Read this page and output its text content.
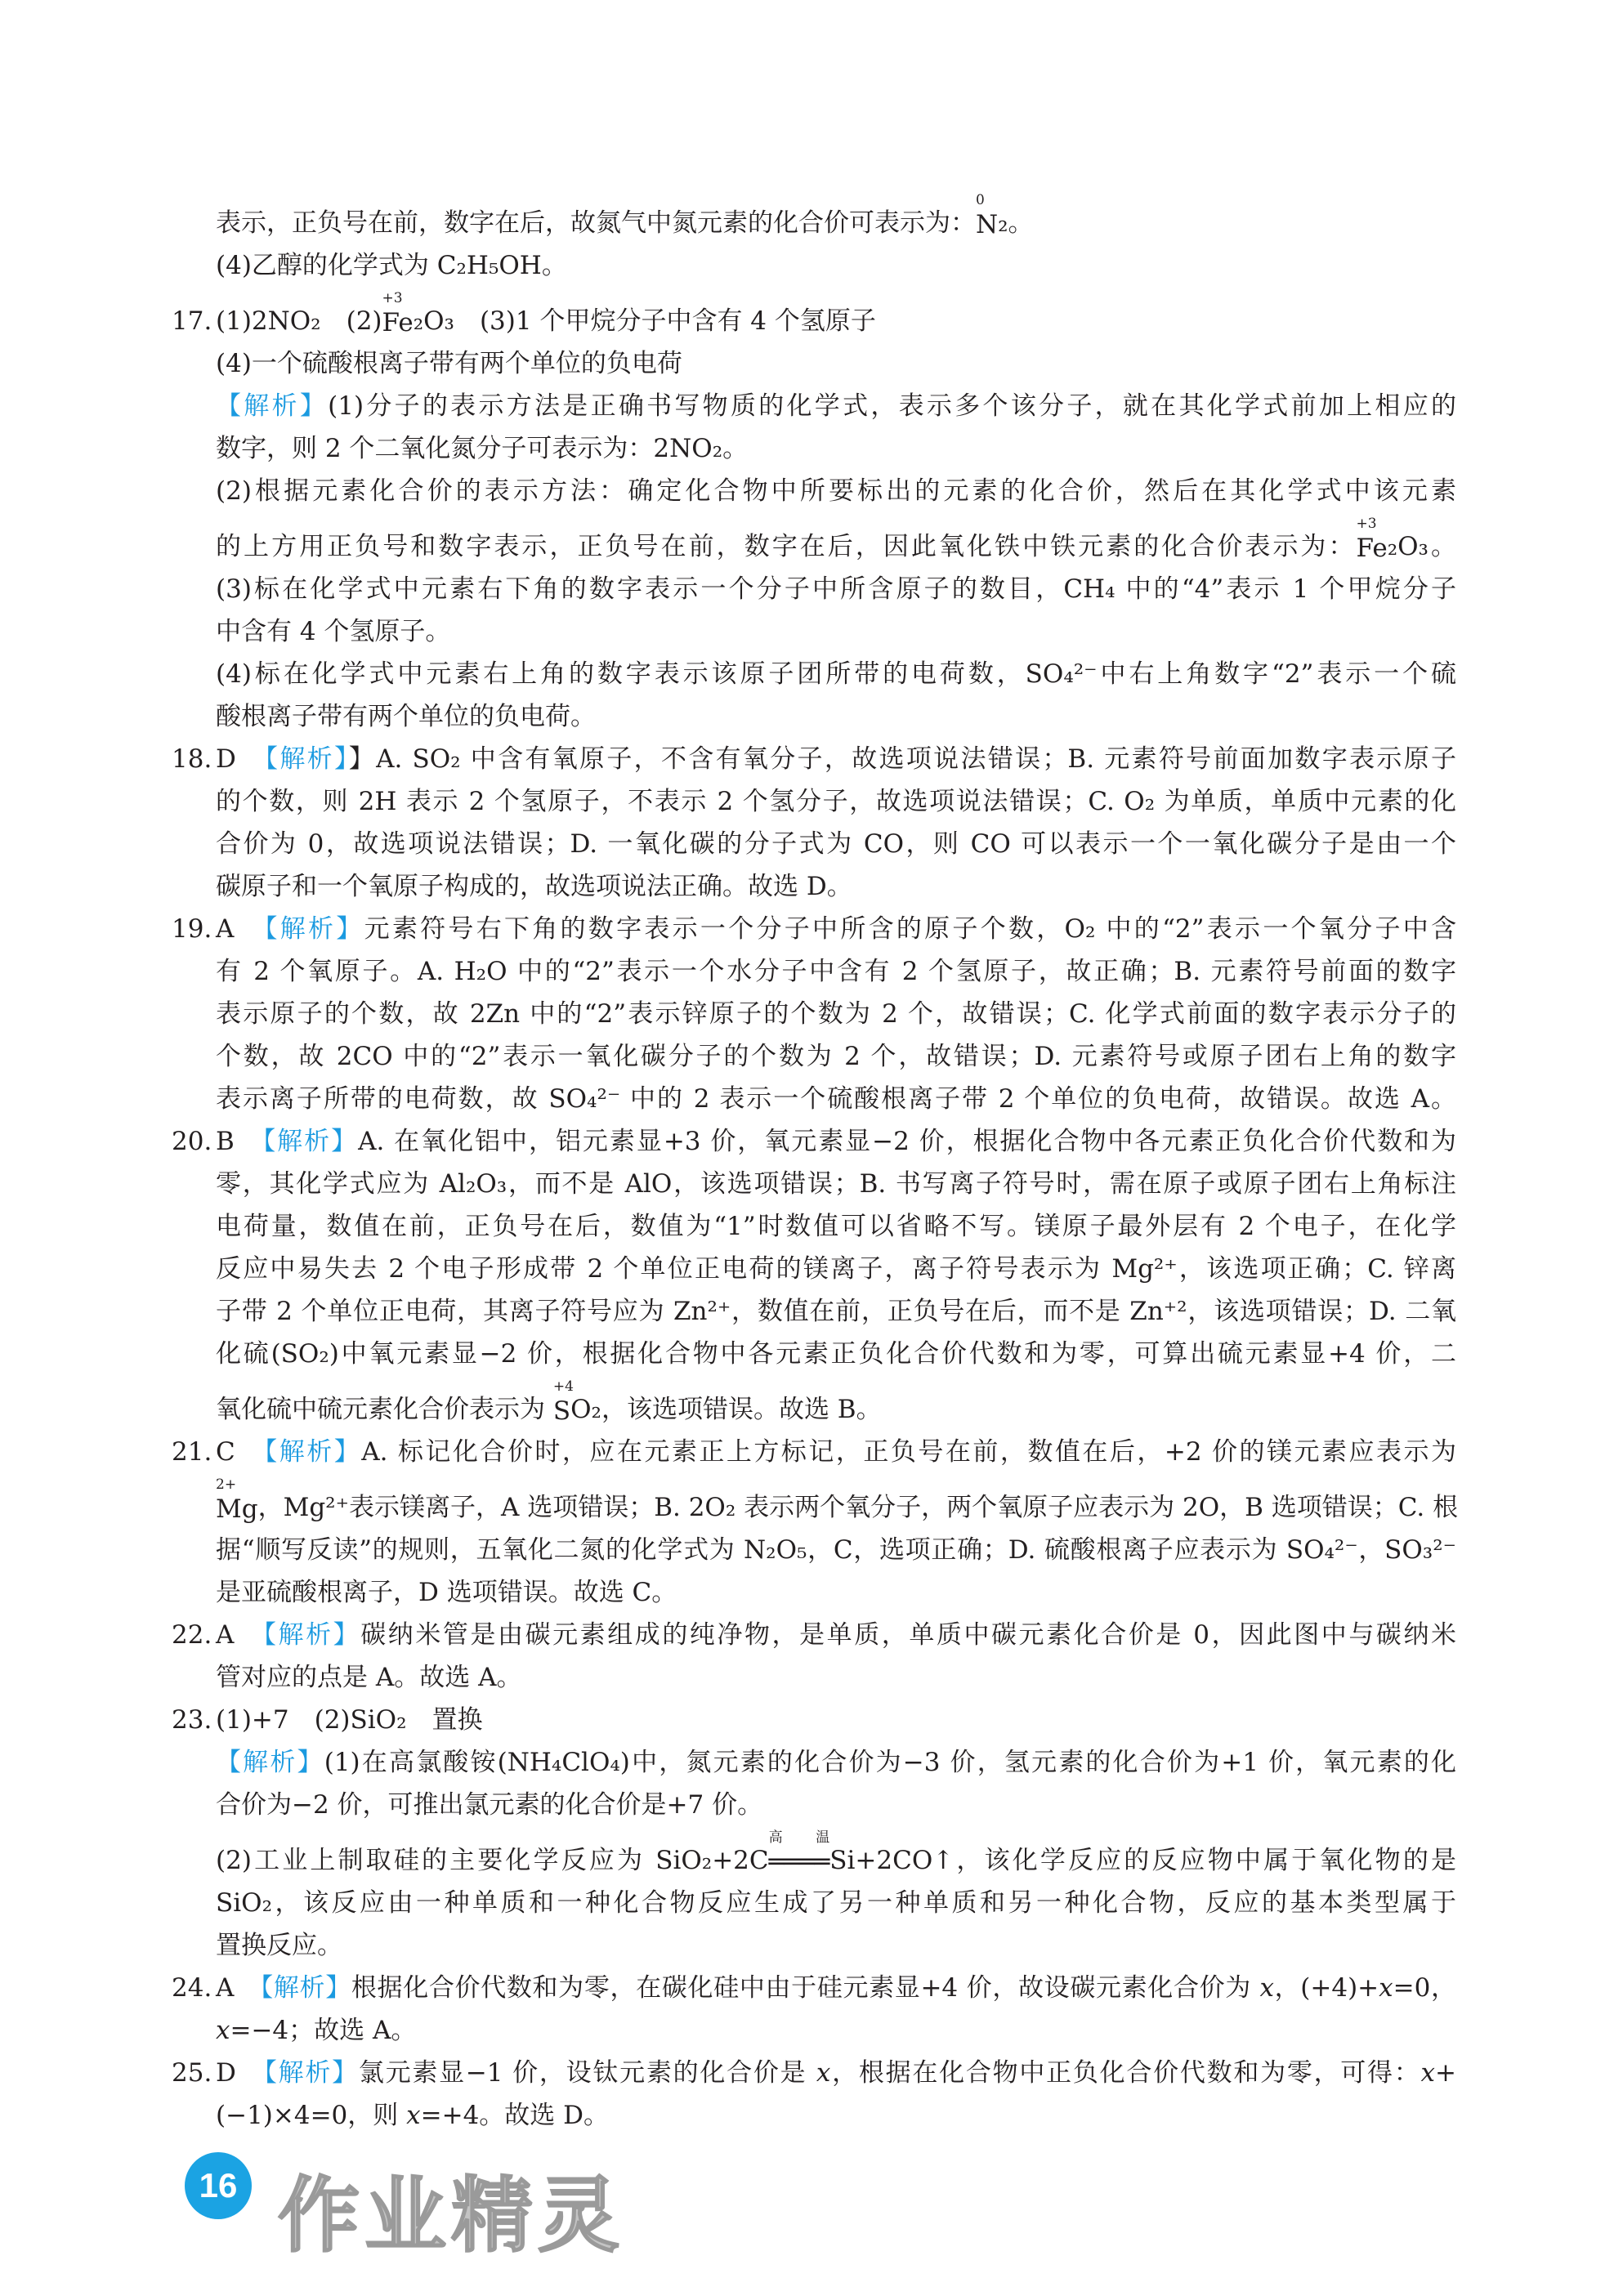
表示，正负号在前，数字在后，故氮气中氮元素的化合价可表示为：
0
N₂。
(4)乙醇的化学式为 C₂H₅OH。
17. (1)2NO₂　(2)
+3
Fe₂O₃　(3)1 个甲烷分子中含有 4 个氢原子
(4)一个硫酸根离子带有两个单位的负电荷
【解析】(1)分子的表示方法是正确书写物质的化学式，表示多个该分子，就在其化学式前加上相应的
数字，则 2 个二氧化氮分子可表示为：2NO₂。
(2)根据元素化合价的表示方法：确定化合物中所要标出的元素的化合价，然后在其化学式中该元素
的上方用正负号和数字表示，正负号在前，数字在后，因此氧化铁中铁元素的化合价表示为：
+3
Fe₂O₃。
(3)标在化学式中元素右下角的数字表示一个分子中所含原子的数目，CH₄ 中的“4”表示 1 个甲烷分子
中含有 4 个氢原子。
(4)标在化学式中元素右上角的数字表示该原子团所带的电荷数，SO₄²⁻中右上角数字“2”表示一个硫
酸根离子带有两个单位的负电荷。
18. D　【解析】】A. SO₂ 中含有氧原子，不含有氧分子，故选项说法错误；B. 元素符号前面加数字表示原子
的个数，则 2H 表示 2 个氢原子，不表示 2 个氢分子，故选项说法错误；C. O₂ 为单质，单质中元素的化
合价为 0，故选项说法错误；D. 一氧化碳的分子式为 CO，则 CO 可以表示一个一氧化碳分子是由一个
碳原子和一个氧原子构成的，故选项说法正确。故选 D。
19. A　【解析】元素符号右下角的数字表示一个分子中所含的原子个数，O₂ 中的“2”表示一个氧分子中含
有 2 个氧原子。A. H₂O 中的“2”表示一个水分子中含有 2 个氢原子，故正确；B. 元素符号前面的数字
表示原子的个数，故 2Zn 中的“2”表示锌原子的个数为 2 个，故错误；C. 化学式前面的数字表示分子的
个数，故 2CO 中的“2”表示一氧化碳分子的个数为 2 个，故错误；D. 元素符号或原子团右上角的数字
表示离子所带的电荷数，故 SO₄²⁻ 中的 2 表示一个硫酸根离子带 2 个单位的负电荷，故错误。故选 A。
20. B　【解析】A. 在氧化铝中，铝元素显+3 价，氧元素显−2 价，根据化合物中各元素正负化合价代数和为
零，其化学式应为 Al₂O₃，而不是 AlO，该选项错误；B. 书写离子符号时，需在原子或原子团右上角标注
电荷量，数值在前，正负号在后，数值为“1”时数值可以省略不写。镁原子最外层有 2 个电子，在化学
反应中易失去 2 个电子形成带 2 个单位正电荷的镁离子，离子符号表示为 Mg²⁺，该选项正确；C. 锌离
子带 2 个单位正电荷，其离子符号应为 Zn²⁺，数值在前，正负号在后，而不是 Zn⁺²，该选项错误；D. 二氧
化硫(SO₂)中氧元素显−2 价，根据化合物中各元素正负化合价代数和为零，可算出硫元素显+4 价，二
氧化硫中硫元素化合价表示为
+4
SO₂，该选项错误。故选 B。
21. C　【解析】A. 标记化合价时，应在元素正上方标记，正负号在前，数值在后，+2 价的镁元素应表示为
2+
Mg，Mg²⁺表示镁离子，A 选项错误；B. 2O₂ 表示两个氧分子，两个氧原子应表示为 2O，B 选项错误；C. 根
据“顺写反读”的规则，五氧化二氮的化学式为 N₂O₅，C，选项正确；D. 硫酸根离子应表示为 SO₄²⁻，SO₃²⁻
是亚硫酸根离子，D 选项错误。故选 C。
22. A　【解析】碳纳米管是由碳元素组成的纯净物，是单质，单质中碳元素化合价是 0，因此图中与碳纳米
管对应的点是 A。故选 A。
23. (1)+7　(2)SiO₂　置换
【解析】(1)在高氯酸铵(NH₄ClO₄)中，氮元素的化合价为−3 价，氢元素的化合价为+1 价，氧元素的化
合价为−2 价，可推出氯元素的化合价是+7 价。
(2)工业上制取硅的主要化学反应为 SiO₂+2C
高温
════Si+2CO↑，该化学反应的反应物中属于氧化物的是
SiO₂，该反应由一种单质和一种化合物反应生成了另一种单质和另一种化合物，反应的基本类型属于
置换反应。
24. A　【解析】根据化合价代数和为零，在碳化硅中由于硅元素显+4 价，故设碳元素化合价为 x，(+4)+x=0，
x=−4；故选 A。
25. D　【解析】氯元素显−1 价，设钛元素的化合价是 x，根据在化合物中正负化合价代数和为零，可得：x+
(−1)×4=0，则 x=+4。故选 D。
作业精灵
16
